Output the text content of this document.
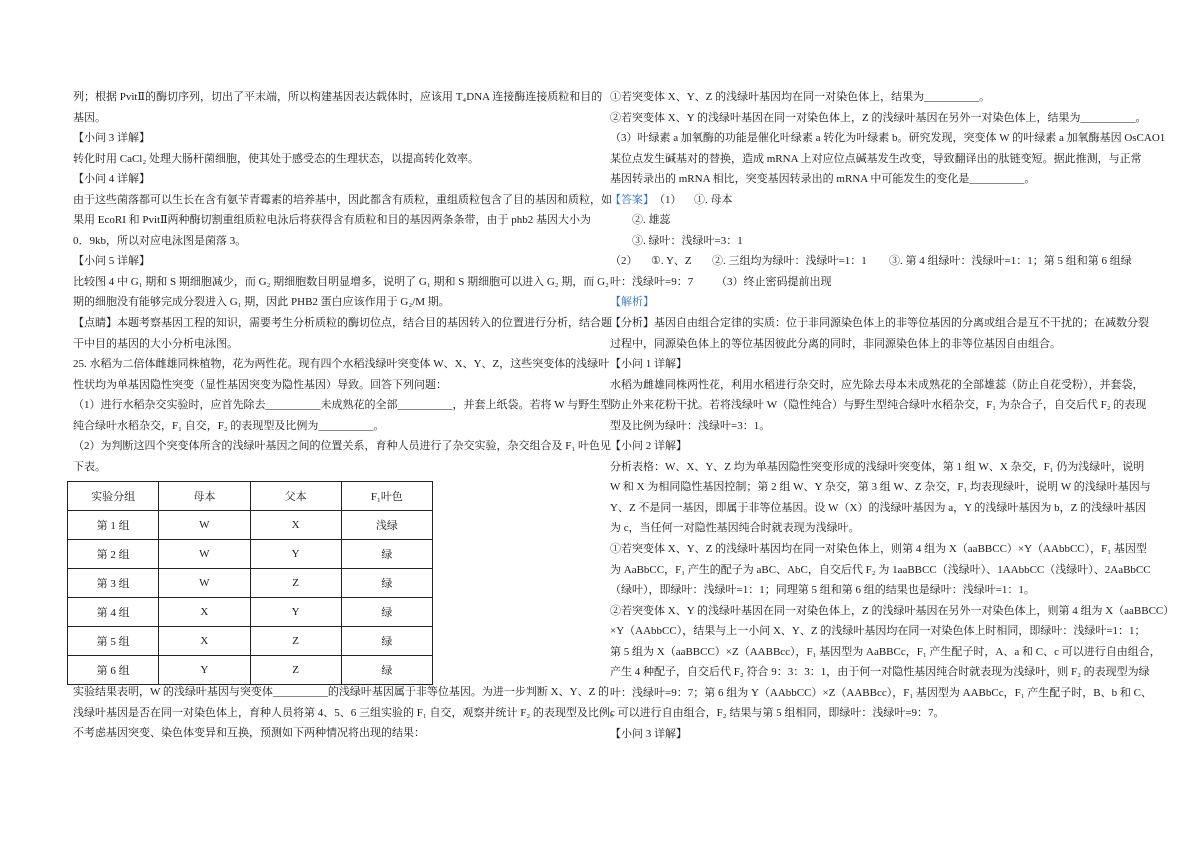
列；根据 PvitⅡ的酶切序列，切出了平末端，所以构建基因表达载体时，应该用 T₄DNA 连接酶连接质粒和目的
基因。
【小问 3 详解】
转化时用 CaCl₂ 处理大肠杆菌细胞，使其处于感受态的生理状态，以提高转化效率。
【小问 4 详解】
由于这些菌落都可以生长在含有氨苄青霉素的培养基中，因此都含有质粒，重组质粒包含了目的基因和质粒，如
果用 EcoRI 和 PvitⅡ两种酶切割重组质粒电泳后将获得含有质粒和目的基因两条条带，由于 phb2 基因大小为
0．9kb，所以对应电泳图是菌落 3。
【小问 5 详解】
比较图 4 中 G₁ 期和 S 期细胞减少，而 G₂ 期细胞数目明显增多，说明了 G₁ 期和 S 期细胞可以进入 G₂ 期，而 G₂
期的细胞没有能够完成分裂进入 G₁ 期，因此 PHB2 蛋白应该作用于 G₂/M 期。
【点睛】本题考察基因工程的知识，需要考生分析质粒的酶切位点，结合目的基因转入的位置进行分析，结合题
干中目的基因的大小分析电泳图。
25. 水稻为二倍体雌雄同株植物，花为两性花。现有四个水稻浅绿叶突变体 W、X、Y、Z，这些突变体的浅绿叶
性状均为单基因隐性突变（显性基因突变为隐性基因）导致。回答下列问题：
（1）进行水稻杂交实验时，应首先除去__________未成熟花的全部__________，并套上纸袋。若将 W 与野生型
纯合绿叶水稻杂交，F₁ 自交，F₂ 的表现型及比例为__________。
（2）为判断这四个突变体所含的浅绿叶基因之间的位置关系，育种人员进行了杂交实验，杂交组合及 F₁ 叶色见
下表。
实验分组	母本	父本	F₁叶色
第 1 组	W	X	浅绿
第 2 组	W	Y	绿
第 3 组	W	Z	绿
第 4 组	X	Y	绿
第 5 组	X	Z	绿
第 6 组	Y	Z	绿
实验结果表明，W 的浅绿叶基因与突变体__________的浅绿叶基因属于非等位基因。为进一步判断 X、Y、Z 的
浅绿叶基因是否在同一对染色体上，育种人员将第 4、5、6 三组实验的 F₁ 自交，观察并统计 F₂ 的表现型及比例。
不考虑基因突变、染色体变异和互换，预测如下两种情况将出现的结果：
①若突变体 X、Y、Z 的浅绿叶基因均在同一对染色体上，结果为__________。
②若突变体 X、Y 的浅绿叶基因在同一对染色体上，Z 的浅绿叶基因在另外一对染色体上，结果为__________。
（3）叶绿素 a 加氧酶的功能是催化叶绿素 a 转化为叶绿素 b。研究发现，突变体 W 的叶绿素 a 加氧酶基因 OsCAO1
某位点发生碱基对的替换，造成 mRNA 上对应位点碱基发生改变，导致翻译出的肽链变短。据此推测，与正常
基因转录出的 mRNA 相比，突变基因转录出的 mRNA 中可能发生的变化是__________。
【答案】 （1） ①. 母本
②. 雄蕊
③. 绿叶：浅绿叶=3：1
（2） ①. Y、Z ②. 三组均为绿叶：浅绿叶=1：1 ③. 第 4 组绿叶：浅绿叶=1：1；第 5 组和第 6 组绿
叶：浅绿叶=9：7 （3）终止密码提前出现
【解析】
【分析】基因自由组合定律的实质：位于非同源染色体上的非等位基因的分离或组合是互不干扰的；在减数分裂
过程中，同源染色体上的等位基因彼此分离的同时，非同源染色体上的非等位基因自由组合。
【小问 1 详解】
水稻为雌雄同株两性花，利用水稻进行杂交时，应先除去母本未成熟花的全部雄蕊（防止自花受粉），并套袋，
防止外来花粉干扰。若将浅绿叶 W（隐性纯合）与野生型纯合绿叶水稻杂交，F₁ 为杂合子，自交后代 F₂ 的表现
型及比例为绿叶：浅绿叶=3：1。
【小问 2 详解】
分析表格：W、X、Y、Z 均为单基因隐性突变形成的浅绿叶突变体，第 1 组 W、X 杂交，F₁ 仍为浅绿叶，说明
W 和 X 为相同隐性基因控制；第 2 组 W、Y 杂交，第 3 组 W、Z 杂交，F₁ 均表现绿叶，说明 W 的浅绿叶基因与
Y、Z 不是同一基因，即属于非等位基因。设 W（X）的浅绿叶基因为 a，Y 的浅绿叶基因为 b，Z 的浅绿叶基因
为 c，当任何一对隐性基因纯合时就表现为浅绿叶。
①若突变体 X、Y、Z 的浅绿叶基因均在同一对染色体上，则第 4 组为 X（aaBBCC）×Y（AAbbCC），F₁ 基因型
为 AaBbCC，F₁ 产生的配子为 aBC、AbC，自交后代 F₂ 为 1aaBBCC（浅绿叶）、1AAbbCC（浅绿叶）、2AaBbCC
（绿叶），即绿叶：浅绿叶=1：1；同理第 5 组和第 6 组的结果也是绿叶：浅绿叶=1：1。
②若突变体 X、Y 的浅绿叶基因在同一对染色体上，Z 的浅绿叶基因在另外一对染色体上，则第 4 组为 X（aaBBCC）
×Y（AAbbCC），结果与上一小问 X、Y、Z 的浅绿叶基因均在同一对染色体上时相同，即绿叶：浅绿叶=1：1；
第 5 组为 X（aaBBCC）×Z（AABBcc），F₁ 基因型为 AaBBCc，F₁ 产生配子时，A、a 和 C、c 可以进行自由组合，
产生 4 种配子，自交后代 F₂ 符合 9：3：3：1，由于何一对隐性基因纯合时就表现为浅绿叶，则 F₂ 的表现型为绿
叶：浅绿叶=9：7；第 6 组为 Y（AAbbCC）×Z（AABBcc），F₁ 基因型为 AABbCc，F₁ 产生配子时，B、b 和 C、
c 可以进行自由组合，F₂ 结果与第 5 组相同，即绿叶：浅绿叶=9：7。
【小问 3 详解】
